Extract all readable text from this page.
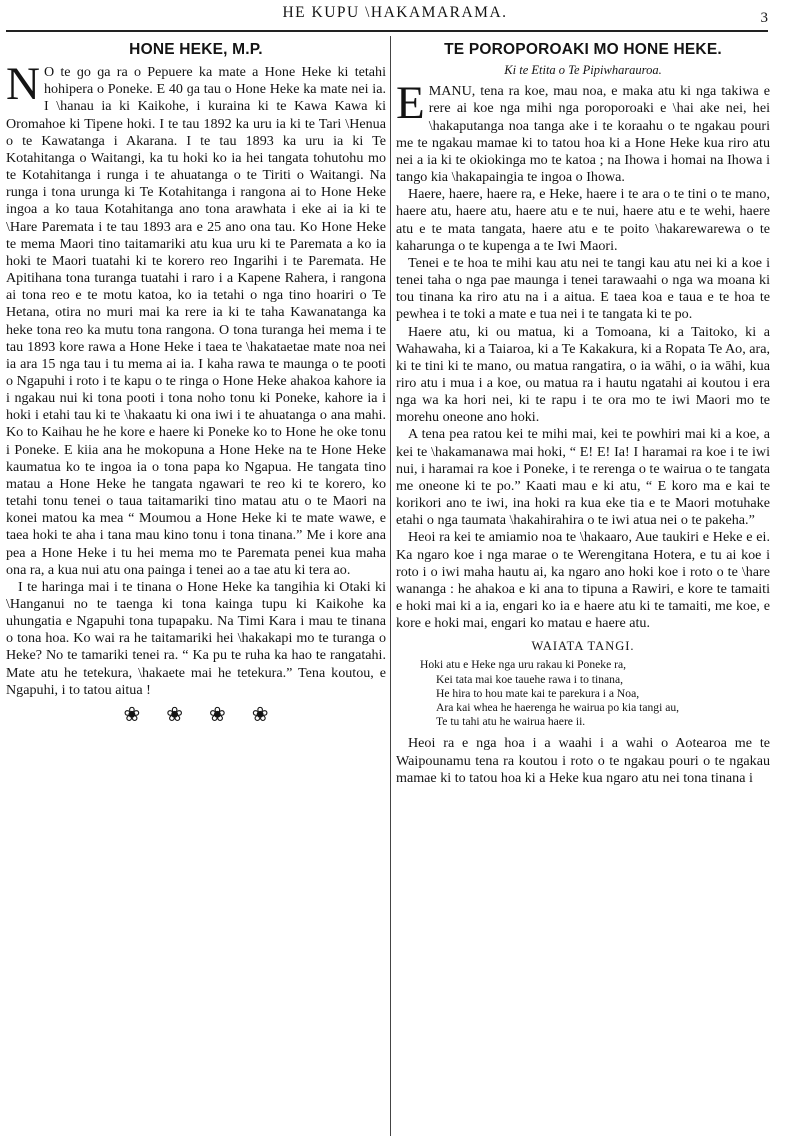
HE KUPU \HAKAMARAMA.	3
HONE HEKE, M.P.

N O te ɡo ɡa ra o Pepuere ka mate a Hone Heke ki tetahi hohipera o Poneke. E 40 ɡa tau o Hone Heke ka mate nei ia. I \hanau ia ki Kaikohe, i kuraina ki te Kawa Kawa ki Oromahoe ki Tipene hoki. I te tau 1892 ka uru ia ki te Tari \Henua o te Kawatanga i Akarana. I te tau 1893 ka uru ia ki Te Kotahitanga o Waitangi, ka tu hoki ko ia hei tangata tohutohu mo te Kotahitanga i runga i te ahuatanga o te Tiriti o Waitangi. Na runga i tona urunga ki Te Kotahitanga i rangona ai to Hone Heke ingoa a ko taua Kotahitanga ano tona arawhata i eke ai ia ki te \Hare Paremata i te tau 1893 ara e 25 ano ona tau. Ko Hone Heke te mema Maori tino taitamariki atu kua uru ki te Paremata a ko ia hoki te Maori tuatahi ki te korero reo Ingarihi i te Paremata. He Apitihana tona turanga tuatahi i raro i a Kapene Rahera, i rangona ai tona reo e te motu katoa, ko ia tetahi o nga tino hoariri o Te Hetana, otira no muri mai ka rere ia ki te taha Kawanatanga ka heke tona reo ka mutu tona rangona. O tona turanga hei mema i te tau 1893 kore rawa a Hone Heke i taea te \hakataetae mate noa nei ia ara 15 nga tau i tu mema ai ia. I kaha rawa te maunga o te pooti o Ngapuhi i roto i te kapu o te ringa o Hone Heke ahakoa kahore ia i ngakau nui ki tona pooti i tona noho tonu ki Poneke, kahore ia i hoki i etahi tau ki te \hakaatu ki ona iwi i te ahuatanga o ana mahi. Ko to Kaihau he he kore e haere ki Poneke ko to Hone he oke tonu i Poneke. E kiia ana he mokopuna a Hone Heke na te Hone Heke kaumatua ko te ingoa ia o tona papa ko Ngapua. He tangata tino matau a Hone Heke he tangata ngawari te reo ki te korero, ko tetahi tonu tenei o taua taitamariki tino matau atu o te Maori na konei matou ka mea “ Moumou a Hone Heke ki te mate wawe, e taea hoki te aha i tana mau kino tonu i tona tinana.” Me i kore ana pea a Hone Heke i tu hei mema mo te Paremata penei kua maha ona ra, a kua nui atu ona painga i tenei ao a tae atu ki tera ao.

I te haringa mai i te tinana o Hone Heke ka tangihia ki Otaki ki \Hanganui no te taenga ki tona kainga tupu ki Kaikohe ka uhungatia e Ngapuhi tona tupapaku. Na Timi Kara i mau te tinana o tona hoa. Ko wai ra he taitamariki hei \hakakapi mo te turanga o Heke? No te tamariki tenei ra. “ Ka pu te ruha ka hao te rangatahi. Mate atu he tetekura, \hakaete mai he tetekura.” Tena koutou, e Ngapuhi, i to tatou aitua !

❀❀❀❀
TE POROPOROAKI MO HONE HEKE.
Ki te Etita o Te Pipiwharauroa.

EMANU, tena ra koe, mau noa, e maka atu ki nga takiwa e rere ai koe nga mihi nga poroporoaki e \hai ake nei, hei \hakaputanga noa tanga ake i te koraahu o te ngakau pouri me te ngakau mamae ki to tatou hoa ki a Hone Heke kua riro atu nei a ia ki te okiokinga mo te katoa ; na Ihowa i homai na Ihowa i tango kia \hakapaingia te ingoa o Ihowa.

Haere, haere, haere ra, e Heke, haere i te ara o te tini o te mano, haere atu, haere atu, haere atu e te nui, haere atu e te wehi, haere atu e te mata tangata, haere atu e te poito \hakarewarewa o te kaharunga o te kupenga a te Iwi Maori.

Tenei e te hoa te mihi kau atu nei te tangi kau atu nei ki a koe i tenei taha o nga pae maunga i tenei tarawaahi o nga wa moana ki tou tinana ka riro atu na i a aitua. E taea koa e taua e te hoa te pewhea i te toki a mate e tua nei i te tangata ki te po.

Haere atu, ki ou matua, ki a Tomoana, ki a Taitoko, ki a Wahawaha, ki a Taiaroa, ki a Te Kakakura, ki a Ropata Te Ao, ara, ki te tini ki te mano, ou matua rangatira, o ia wāhi, o ia wāhi, kua riro atu i mua i a koe, ou matua ra i hautu ngatahi ai koutou i era nga wa ka hori nei, ki te rapu i te ora mo te iwi Maori mo te morehu oneone ano hoki.

A tena pea ratou kei te mihi mai, kei te powhiri mai ki a koe, a kei te \hakamanawa mai hoki, “ E! E! Ia! I haramai ra koe i te iwi nui, i haramai ra koe i Poneke, i te rerenga o te wairua o te tangata me oneone ki te po.” Kaati mau e ki atu, “ E koro ma e kai te korikori ano te iwi, ina hoki ra kua eke tia e te Maori motuhake etahi o nga taumata \hakahirahira o te iwi atua nei o te pakeha.”

Heoi ra kei te amiamio noa te \hakaaro, Aue taukiri e Heke e ei. Ka ngaro koe i nga marae o te Werengitana Hotera, e tu ai koe i roto i o iwi maha hautu ai, ka ngaro ano hoki koe i roto o te \hare wananga : he ahakoa e ki ana to tipuna a Rawiri, e kore te tamaiti e hoki mai ki a ia, engari ko ia e haere atu ki te tamaiti, me koe, e kore e hoki mai, engari ko matau e haere atu.

WAIATA TANGI.
Hoki atu e Heke nga uru rakau ki Poneke ra,
Kei tata mai koe tauehe rawa i to tinana,
He hira to hou mate kai te parekura i a Noa,
Ara kai whea he haerenga he wairua po kia tangi au,
Te tu tahi atu he wairua haere ii.

Heoi ra e nga hoa i a waahi i a wahi o Aotearoa me te Waipounamu tena ra koutou i roto o te ngakau pouri o te ngakau mamae ki to tatou hoa ki a Heke kua ngaro atu nei tona tinana i
